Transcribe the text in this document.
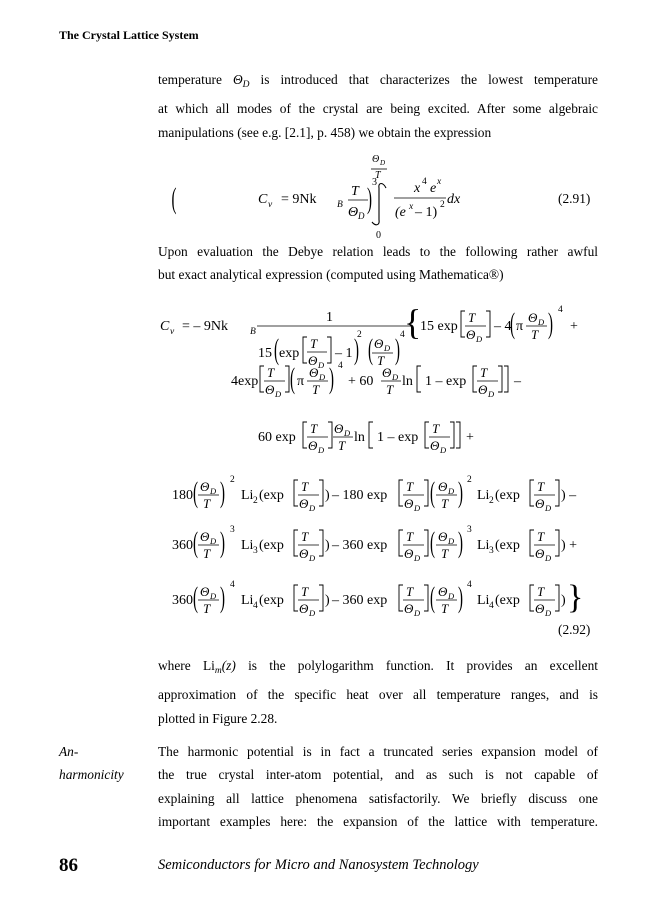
The Crystal Lattice System
temperature $\Theta_D$ is introduced that characterizes the lowest temperature
at which all modes of the crystal are being excited. After some algebraic
manipulations (see e.g. [2.1], p. 458) we obtain the expression
Θ D
T
C v = 9Nk B
(	T
Θ D
)
3
0
x 4 e x
(e x – 1) 2 dx	(2.91)
Upon evaluation the Debye relation leads to the following rather awful
but exact analytical expression (computed using Mathematica®)
C v = – 9Nk B
1
15 ( exp
T
Θ D
– 1 )
2 ( Θ D
T ) 4 {
15 exp
T
Θ D
– 4
( π
Θ D
T ) 4
+
4exp
T
Θ D ( π
Θ D
T ) 4
+ 60
Θ D
T
ln 1 – exp
T
Θ D
–
60 exp
T
Θ D
Θ D
T
ln 1 – exp
T
Θ D
+
180 ( Θ D
T ) 2
Li 2 (exp
T
Θ D
) – 180 exp
T
Θ D ( Θ D
T ) 2
Li 2 (exp
T
Θ D
) –
360 ( Θ D
T ) 3
Li 3 (exp
T
Θ D
) – 360 exp
T
Θ D ( Θ D
T ) 3
Li 3 (exp
T
Θ D
) +
360 ( Θ D
T ) 4
Li 4 (exp
T
Θ D
) – 360 exp
T
Θ D ( Θ D
T ) 4
Li 4 (exp
T
Θ D
) }
(2.92)
where $Li_m(z)$ is the polylogarithm function. It provides an excellent
approximation of the specific heat over all temperature ranges, and is
plotted in Figure 2.28.
An-
harmonicity
The harmonic potential is in fact a truncated series expansion model of
the true crystal inter-atom potential, and as such is not capable of
explaining all lattice phenomena satisfactorily. We briefly discuss one
important examples here: the expansion of the lattice with temperature.
86	Semiconductors for Micro and Nanosystem Technology
